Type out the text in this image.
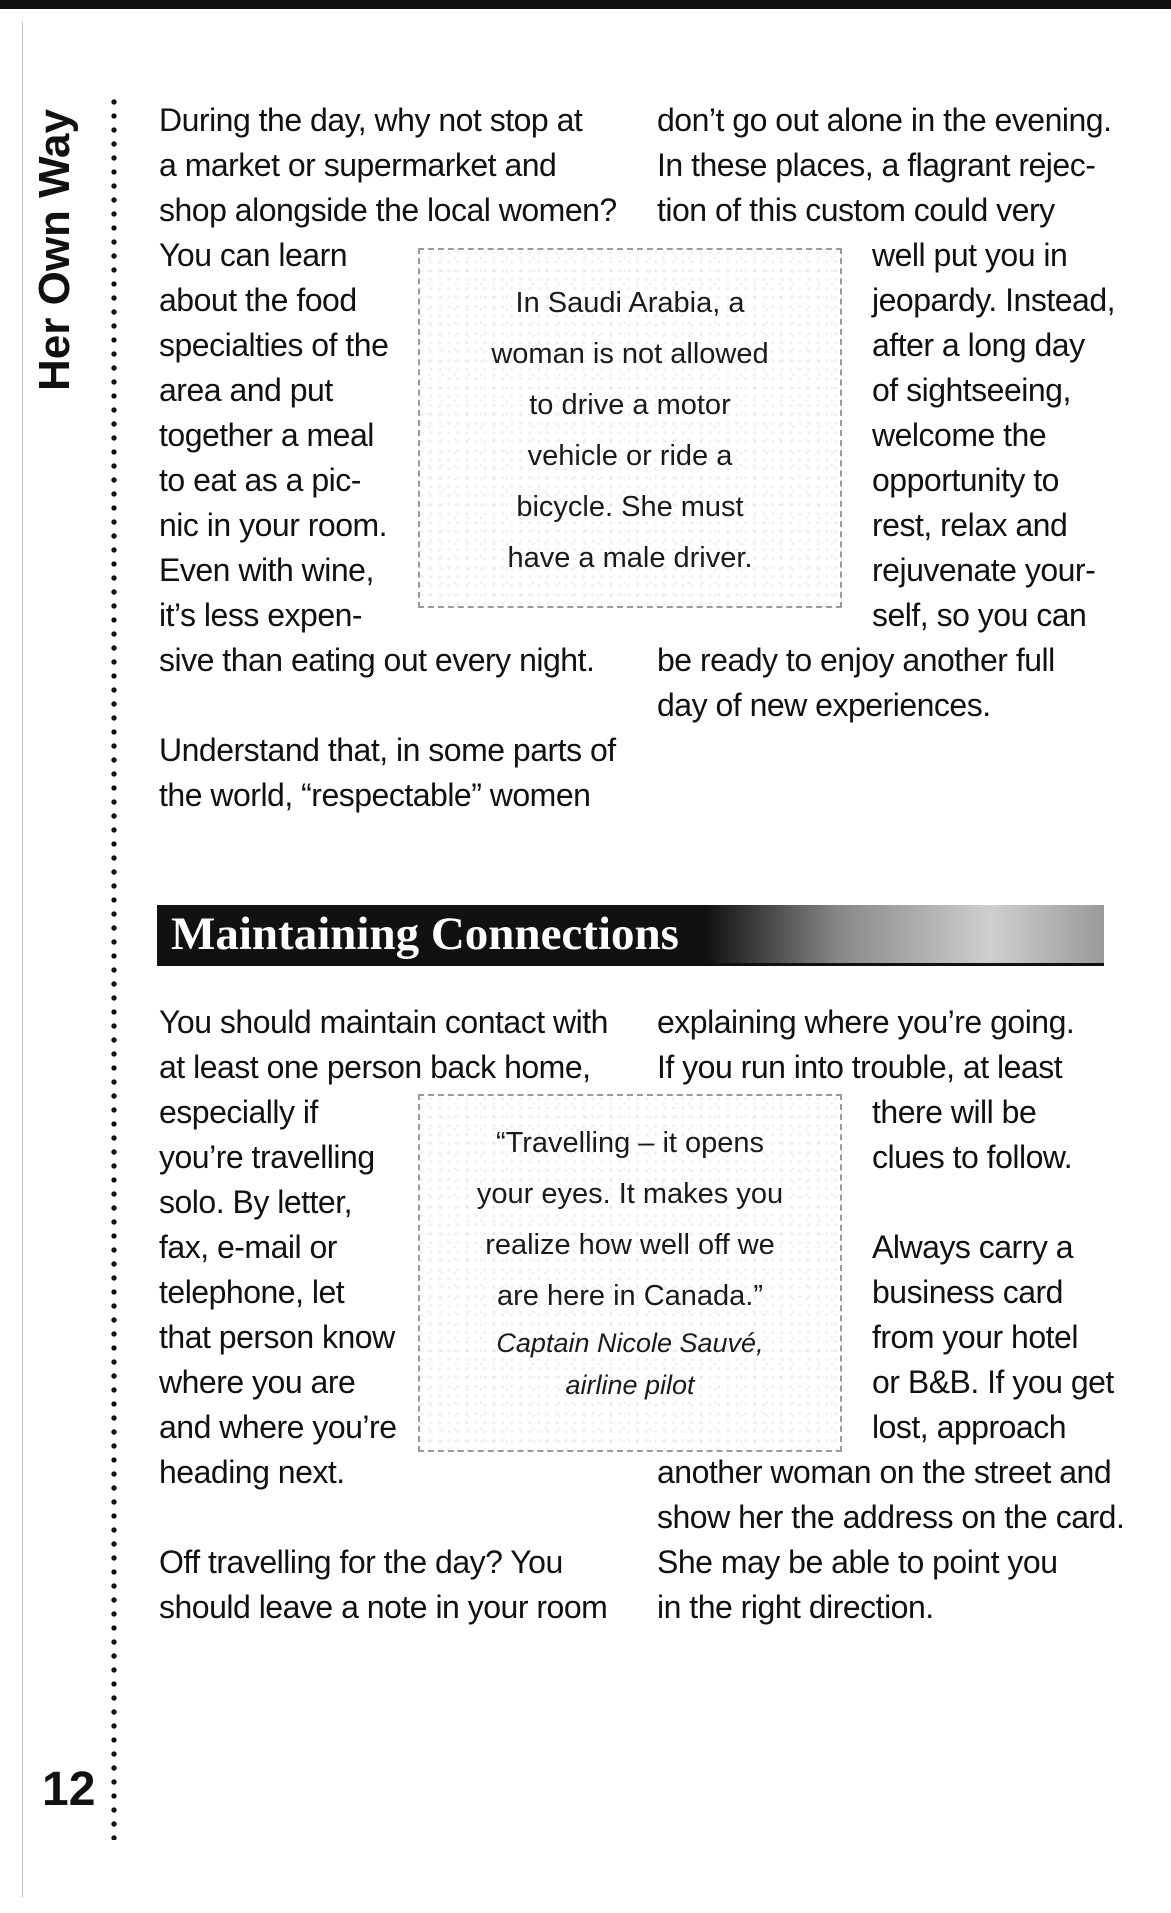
Her Own Way
12
During the day, why not stop at
a market or supermarket and
shop alongside the local women?
You can learn
about the food
specialties of the
area and put
together a meal
to eat as a pic-
nic in your room.
Even with wine,
it’s less expen-
sive than eating out every night.
Understand that, in some parts of
the world, “respectable” women
don’t go out alone in the evening.
In these places, a flagrant rejec-
tion of this custom could very
well put you in
jeopardy. Instead,
after a long day
of sightseeing,
welcome the
opportunity to
rest, relax and
rejuvenate your-
self, so you can
be ready to enjoy another full
day of new experiences.
In Saudi Arabia, a
woman is not allowed
to drive a motor
vehicle or ride a
bicycle. She must
have a male driver.
Maintaining Connections
You should maintain contact with
at least one person back home,
especially if
you’re travelling
solo. By letter,
fax, e-mail or
telephone, let
that person know
where you are
and where you’re
heading next.
Off travelling for the day? You
should leave a note in your room
explaining where you’re going.
If you run into trouble, at least
there will be
clues to follow.
Always carry a
business card
from your hotel
or B&B. If you get
lost, approach
another woman on the street and
show her the address on the card.
She may be able to point you
in the right direction.
“Travelling – it opens
your eyes. It makes you
realize how well off we
are here in Canada.”
Captain Nicole Sauvé,
airline pilot
